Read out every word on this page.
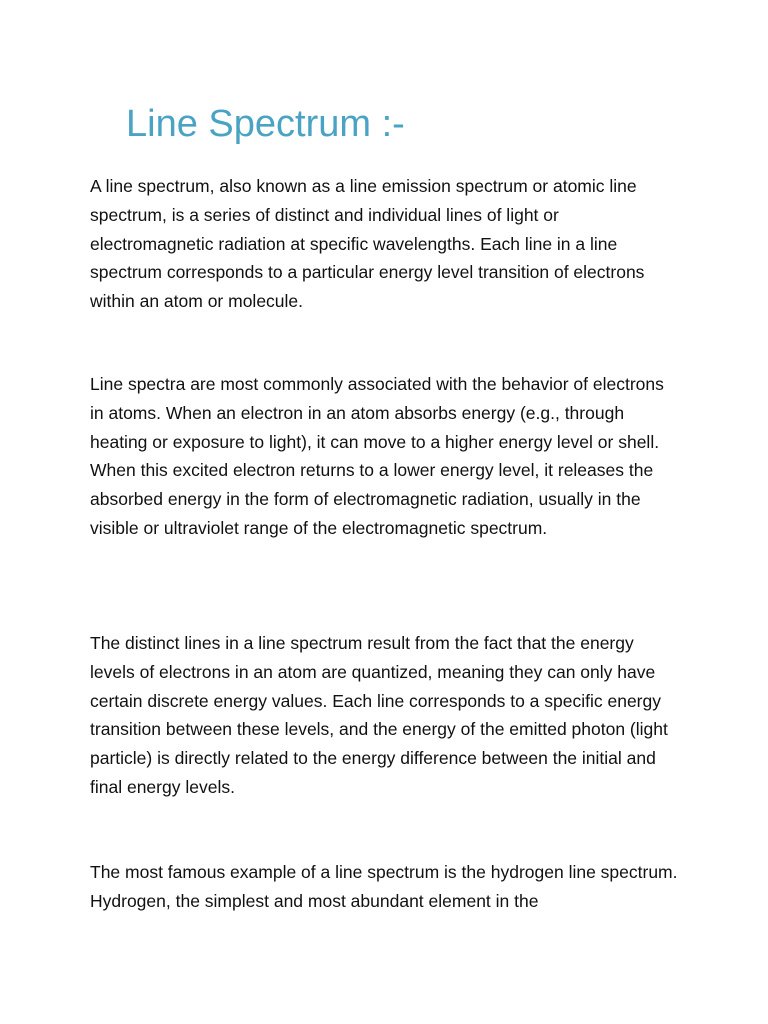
Line Spectrum :-

A line spectrum, also known as a line emission spectrum or atomic line spectrum, is a series of distinct and individual lines of light or electromagnetic radiation at specific wavelengths. Each line in a line spectrum corresponds to a particular energy level transition of electrons within an atom or molecule.

Line spectra are most commonly associated with the behavior of electrons in atoms. When an electron in an atom absorbs energy (e.g., through heating or exposure to light), it can move to a higher energy level or shell. When this excited electron returns to a lower energy level, it releases the absorbed energy in the form of electromagnetic radiation, usually in the visible or ultraviolet range of the electromagnetic spectrum.

The distinct lines in a line spectrum result from the fact that the energy levels of electrons in an atom are quantized, meaning they can only have certain discrete energy values. Each line corresponds to a specific energy transition between these levels, and the energy of the emitted photon (light particle) is directly related to the energy difference between the initial and final energy levels.

The most famous example of a line spectrum is the hydrogen line spectrum. Hydrogen, the simplest and most abundant element in the
